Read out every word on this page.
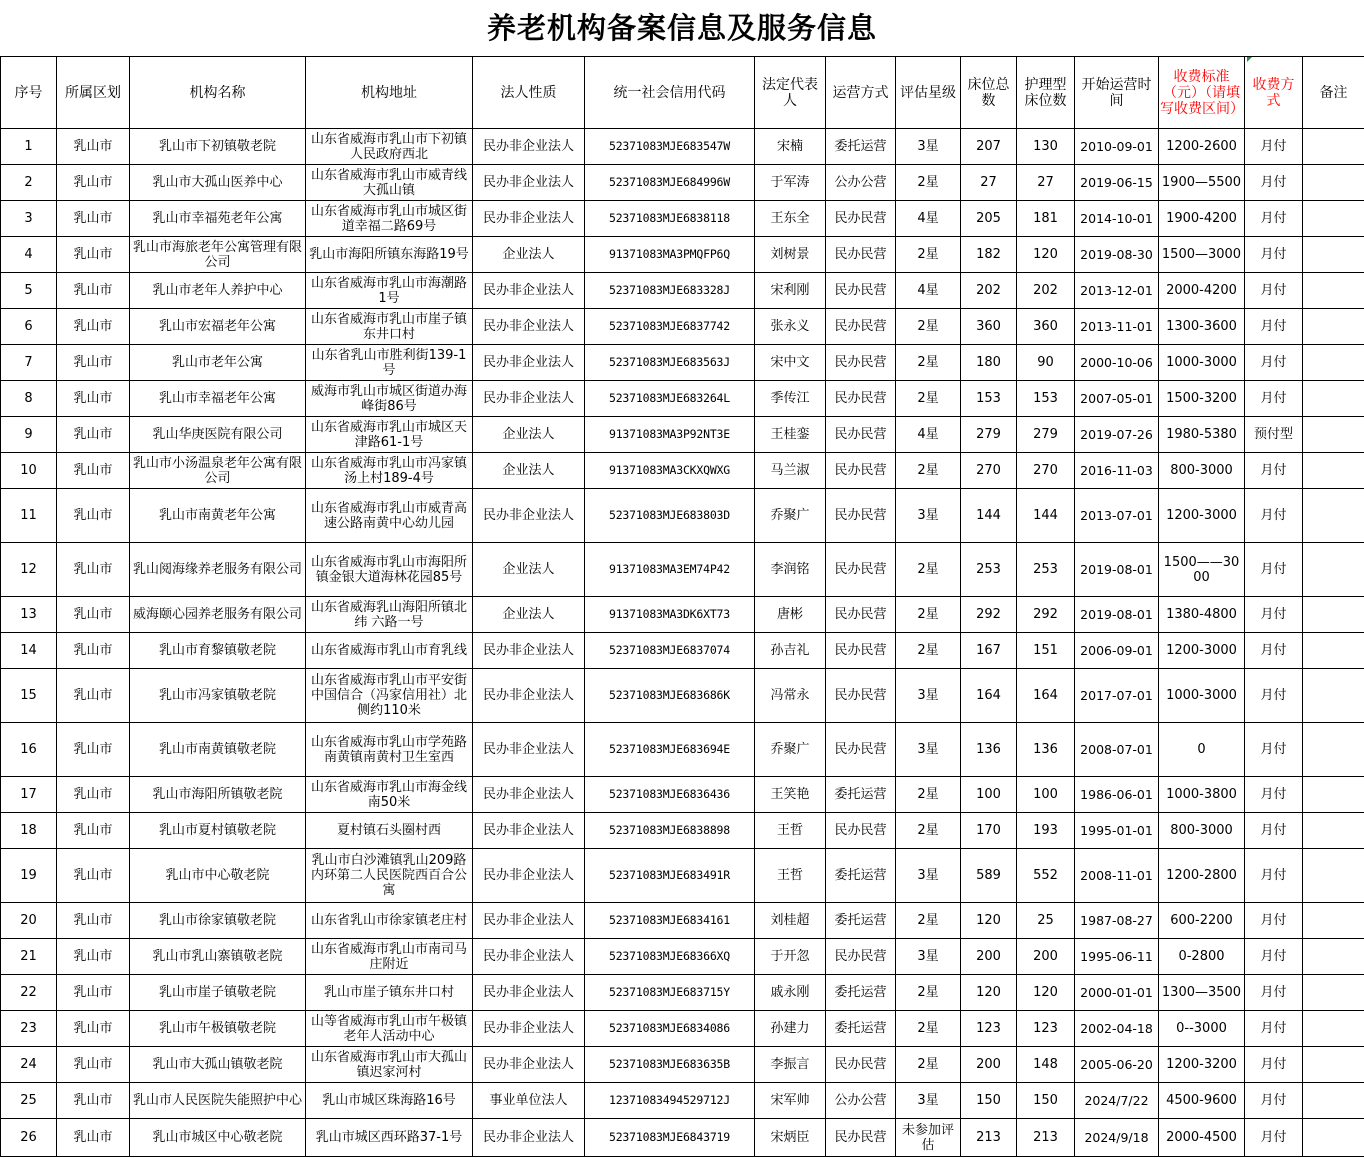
养老机构备案信息及服务信息
序号	所属区划	机构名称	机构地址	法人性质	统一社会信用代码	法定代表人	运营方式	评估星级	床位总数	护理型床位数	开始运营时间	收费标准（元）（请填写收费区间）	收费方式	备注
1	乳山市	乳山市下初镇敬老院	山东省威海市乳山市下初镇人民政府西北	民办非企业法人	52371083MJE683547W	宋楠	委托运营	3星	207	130	2010-09-01	1200-2600	月付	
2	乳山市	乳山市大孤山医养中心	山东省威海市乳山市威青线大孤山镇	民办非企业法人	52371083MJE684996W	于军涛	公办公营	2星	27	27	2019-06-15	1900—5500	月付	
3	乳山市	乳山市幸福苑老年公寓	山东省威海市乳山市城区街道幸福二路69号	民办非企业法人	52371083MJE6838118	王东全	民办民营	4星	205	181	2014-10-01	1900-4200	月付	
4	乳山市	乳山市海旅老年公寓管理有限公司	乳山市海阳所镇东海路19号	企业法人	91371083MA3PMQFP6Q	刘树景	民办民营	2星	182	120	2019-08-30	1500—3000	月付	
5	乳山市	乳山市老年人养护中心	山东省威海市乳山市海潮路1号	民办非企业法人	52371083MJE683328J	宋利刚	民办民营	4星	202	202	2013-12-01	2000-4200	月付	
6	乳山市	乳山市宏福老年公寓	山东省威海市乳山市崖子镇东井口村	民办非企业法人	52371083MJE6837742	张永义	民办民营	2星	360	360	2013-11-01	1300-3600	月付	
7	乳山市	乳山市老年公寓	山东省乳山市胜利街139-1号	民办非企业法人	52371083MJE683563J	宋中文	民办民营	2星	180	90	2000-10-06	1000-3000	月付	
8	乳山市	乳山市幸福老年公寓	威海市乳山市城区街道办海峰街86号	民办非企业法人	52371083MJE683264L	季传江	民办民营	2星	153	153	2007-05-01	1500-3200	月付	
9	乳山市	乳山华庚医院有限公司	山东省威海市乳山市城区天津路61-1号	企业法人	91371083MA3P92NT3E	王桂銮	民办民营	4星	279	279	2019-07-26	1980-5380	预付型	
10	乳山市	乳山市小汤温泉老年公寓有限公司	山东省威海市乳山市冯家镇汤上村189-4号	企业法人	91371083MA3CKXQWXG	马兰淑	民办民营	2星	270	270	2016-11-03	800-3000	月付	
11	乳山市	乳山市南黄老年公寓	山东省威海市乳山市威青高速公路南黄中心幼儿园	民办非企业法人	52371083MJE683803D	乔聚广	民办民营	3星	144	144	2013-07-01	1200-3000	月付	
12	乳山市	乳山阅海缘养老服务有限公司	山东省威海市乳山市海阳所镇金银大道海林花园85号	企业法人	91371083MA3EM74P42	李润铭	民办民营	2星	253	253	2019-08-01	1500——3000	月付	
13	乳山市	威海颐心园养老服务有限公司	山东省威海乳山海阳所镇北纬 六路一号	企业法人	91371083MA3DK6XT73	唐彬	民办民营	2星	292	292	2019-08-01	1380-4800	月付	
14	乳山市	乳山市育黎镇敬老院	山东省威海市乳山市育乳线	民办非企业法人	52371083MJE6837074	孙吉礼	民办民营	2星	167	151	2006-09-01	1200-3000	月付	
15	乳山市	乳山市冯家镇敬老院	山东省威海市乳山市平安街中国信合（冯家信用社）北侧约110米	民办非企业法人	52371083MJE683686K	冯常永	民办民营	3星	164	164	2017-07-01	1000-3000	月付	
16	乳山市	乳山市南黄镇敬老院	山东省威海市乳山市学苑路南黄镇南黄村卫生室西	民办非企业法人	52371083MJE683694E	乔聚广	民办民营	3星	136	136	2008-07-01	0	月付	
17	乳山市	乳山市海阳所镇敬老院	山东省威海市乳山市海金线南50米	民办非企业法人	52371083MJE6836436	王笑艳	委托运营	2星	100	100	1986-06-01	1000-3800	月付	
18	乳山市	乳山市夏村镇敬老院	夏村镇石头圈村西	民办非企业法人	52371083MJE6838898	王哲	民办民营	2星	170	193	1995-01-01	800-3000	月付	
19	乳山市	乳山市中心敬老院	乳山市白沙滩镇乳山209路内环第二人民医院西百合公寓	民办非企业法人	52371083MJE683491R	王哲	委托运营	3星	589	552	2008-11-01	1200-2800	月付	
20	乳山市	乳山市徐家镇敬老院	山东省乳山市徐家镇老庄村	民办非企业法人	52371083MJE6834161	刘桂超	委托运营	2星	120	25	1987-08-27	600-2200	月付	
21	乳山市	乳山市乳山寨镇敬老院	山东省威海市乳山市南司马庄附近	民办非企业法人	52371083MJE68366XQ	于开忽	民办民营	3星	200	200	1995-06-11	0-2800	月付	
22	乳山市	乳山市崖子镇敬老院	乳山市崖子镇东井口村	民办非企业法人	52371083MJE683715Y	戚永刚	委托运营	2星	120	120	2000-01-01	1300—3500	月付	
23	乳山市	乳山市午极镇敬老院	山等省威海市乳山市午极镇老年人活动中心	民办非企业法人	52371083MJE6834086	孙建力	委托运营	2星	123	123	2002-04-18	0--3000	月付	
24	乳山市	乳山市大孤山镇敬老院	山东省威海市乳山市大孤山镇迟家河村	民办非企业法人	52371083MJE683635B	李振言	民办民营	2星	200	148	2005-06-20	1200-3200	月付	
25	乳山市	乳山市人民医院失能照护中心	乳山市城区珠海路16号	事业单位法人	12371083494529712J	宋军帅	公办公营	3星	150	150	2024/7/22	4500-9600	月付	
26	乳山市	乳山市城区中心敬老院	乳山市城区西环路37-1号	民办非企业法人	52371083MJE6843719	宋炳臣	民办民营	未参加评估	213	213	2024/9/18	2000-4500	月付	
